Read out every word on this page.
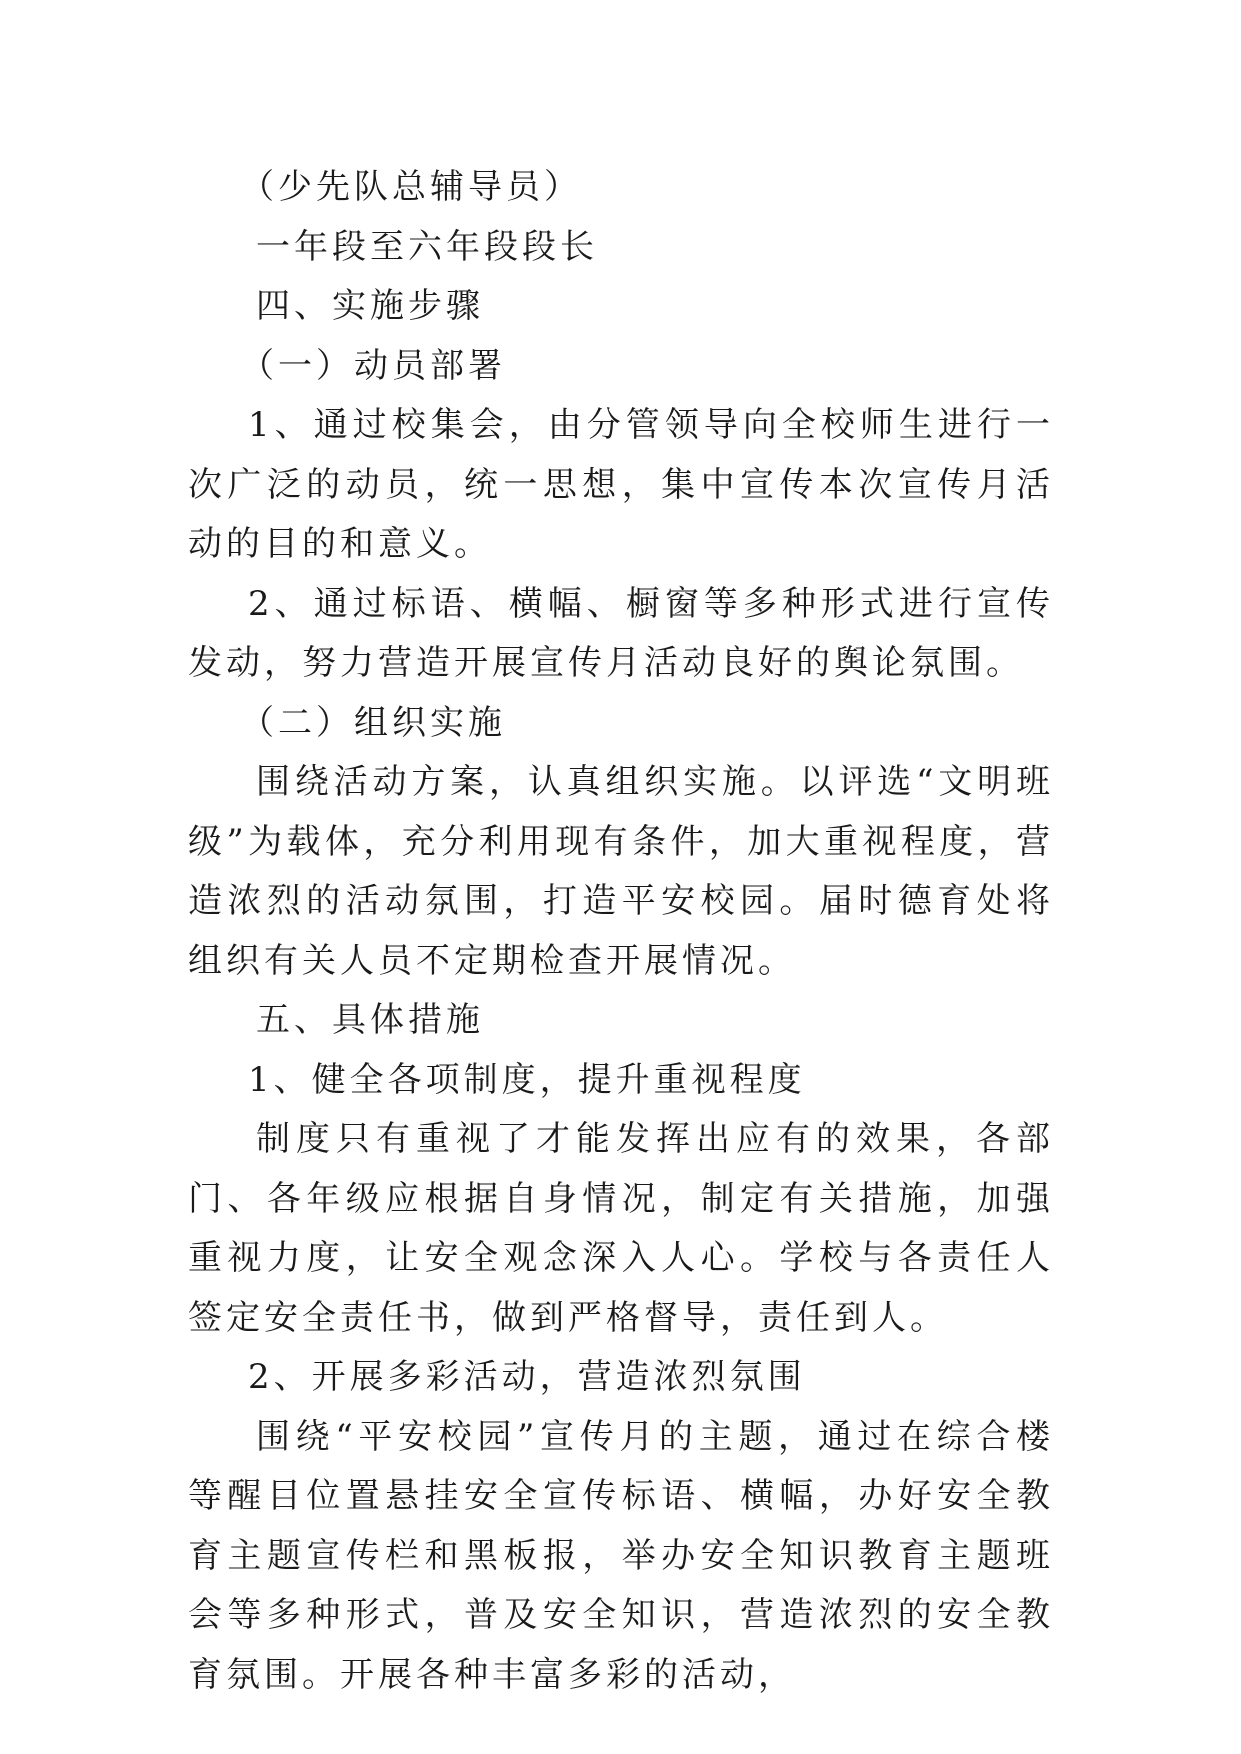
（少先队总辅导员）

一年段至六年段段长

四、实施步骤

（一）动员部署

1、通过校集会，由分管领导向全校师生进行一次广泛的动员，统一思想，集中宣传本次宣传月活动的目的和意义。

2、通过标语、横幅、橱窗等多种形式进行宣传发动，努力营造开展宣传月活动良好的舆论氛围。

（二）组织实施

围绕活动方案，认真组织实施。以评选“文明班级”为载体，充分利用现有条件，加大重视程度，营造浓烈的活动氛围，打造平安校园。届时德育处将组织有关人员不定期检查开展情况。

五、具体措施

1、健全各项制度，提升重视程度

制度只有重视了才能发挥出应有的效果，各部门、各年级应根据自身情况，制定有关措施，加强重视力度，让安全观念深入人心。学校与各责任人签定安全责任书，做到严格督导，责任到人。

2、开展多彩活动，营造浓烈氛围

围绕“平安校园”宣传月的主题，通过在综合楼等醒目位置悬挂安全宣传标语、横幅，办好安全教育主题宣传栏和黑板报，举办安全知识教育主题班会等多种形式，普及安全知识，营造浓烈的安全教育氛围。开展各种丰富多彩的活动，
